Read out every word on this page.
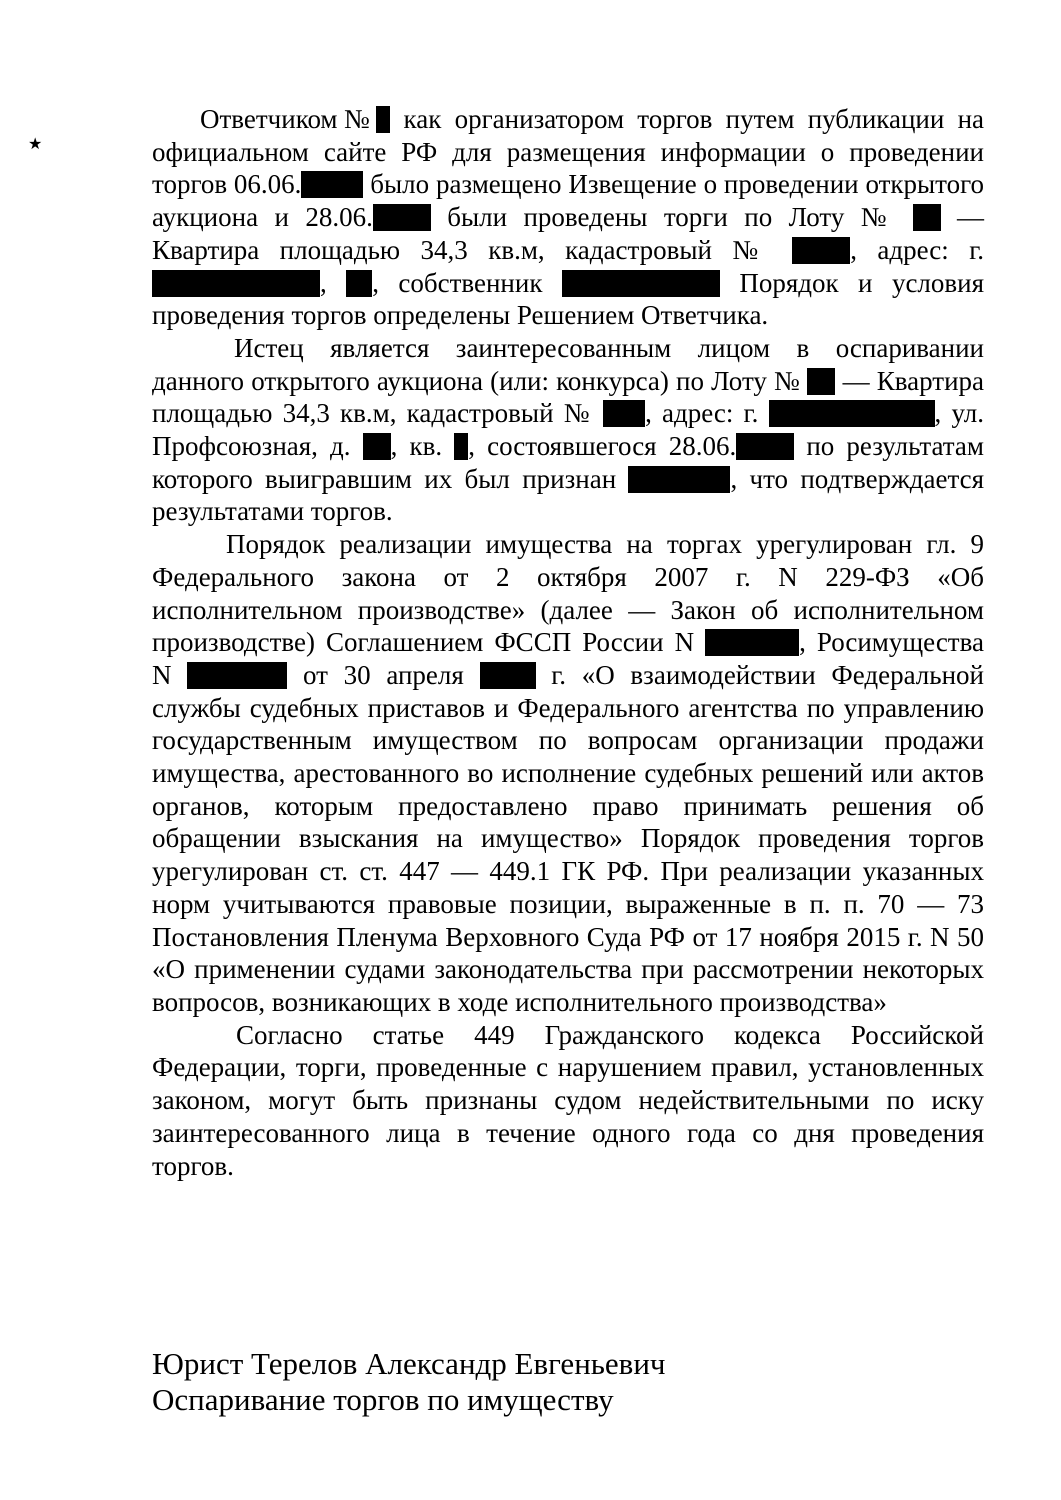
★

Ответчиком№ как организатором торгов путем публикации на официальном сайте РФ для размещения информации о проведении торгов 06.06. было размещено Извещение о проведении открытого аукциона и 28.06. были проведены торги по Лоту №  — Квартира площадью 34,3 кв.м, кадастровый № , адрес: г. , , собственник	Порядок и условия проведения торгов определены Решением Ответчика.

Истец является заинтересованным лицом в оспаривании данного открытого аукциона (или: конкурса) по Лоту №  — Квартира площадью 34,3 кв.м, кадастровый № , адрес: г.	, ул. Профсоюзная, д. , кв. , состоявшегося 28.06. по результатам которого выигравшим их был признан	, что подтверждается результатами торгов.

Порядок реализации имущества на торгах урегулирован гл. 9 Федерального закона от 2 октября 2007 г. N 229-ФЗ «Об исполнительном производстве» (далее — Закон об исполнительном производстве) Соглашением ФССП России N	, Росимущества N	от 30 апреля  г. «О взаимодействии Федеральной службы судебных приставов и Федерального агентства по управлению государственным имуществом по вопросам организации продажи имущества, арестованного во исполнение судебных решений или актов органов, которым предоставлено право принимать решения об обращении взыскания на имущество» Порядок проведения торгов урегулирован ст. ст. 447 — 449.1 ГК РФ. При реализации указанных норм учитываются правовые позиции, выраженные в п. п. 70 — 73 Постановления Пленума Верховного Суда РФ от 17 ноября 2015 г. N 50 «О применении судами законодательства при рассмотрении некоторых вопросов, возникающих в ходе исполнительного производства»

Согласно статье 449 Гражданского кодекса Российской Федерации, торги, проведенные с нарушением правил, установленных законом, могут быть признаны судом недействительными по иску заинтересованного лица в течение одного года со дня проведения торгов.

Юрист Терелов Александр Евгеньевич
Оспаривание торгов по имуществу
